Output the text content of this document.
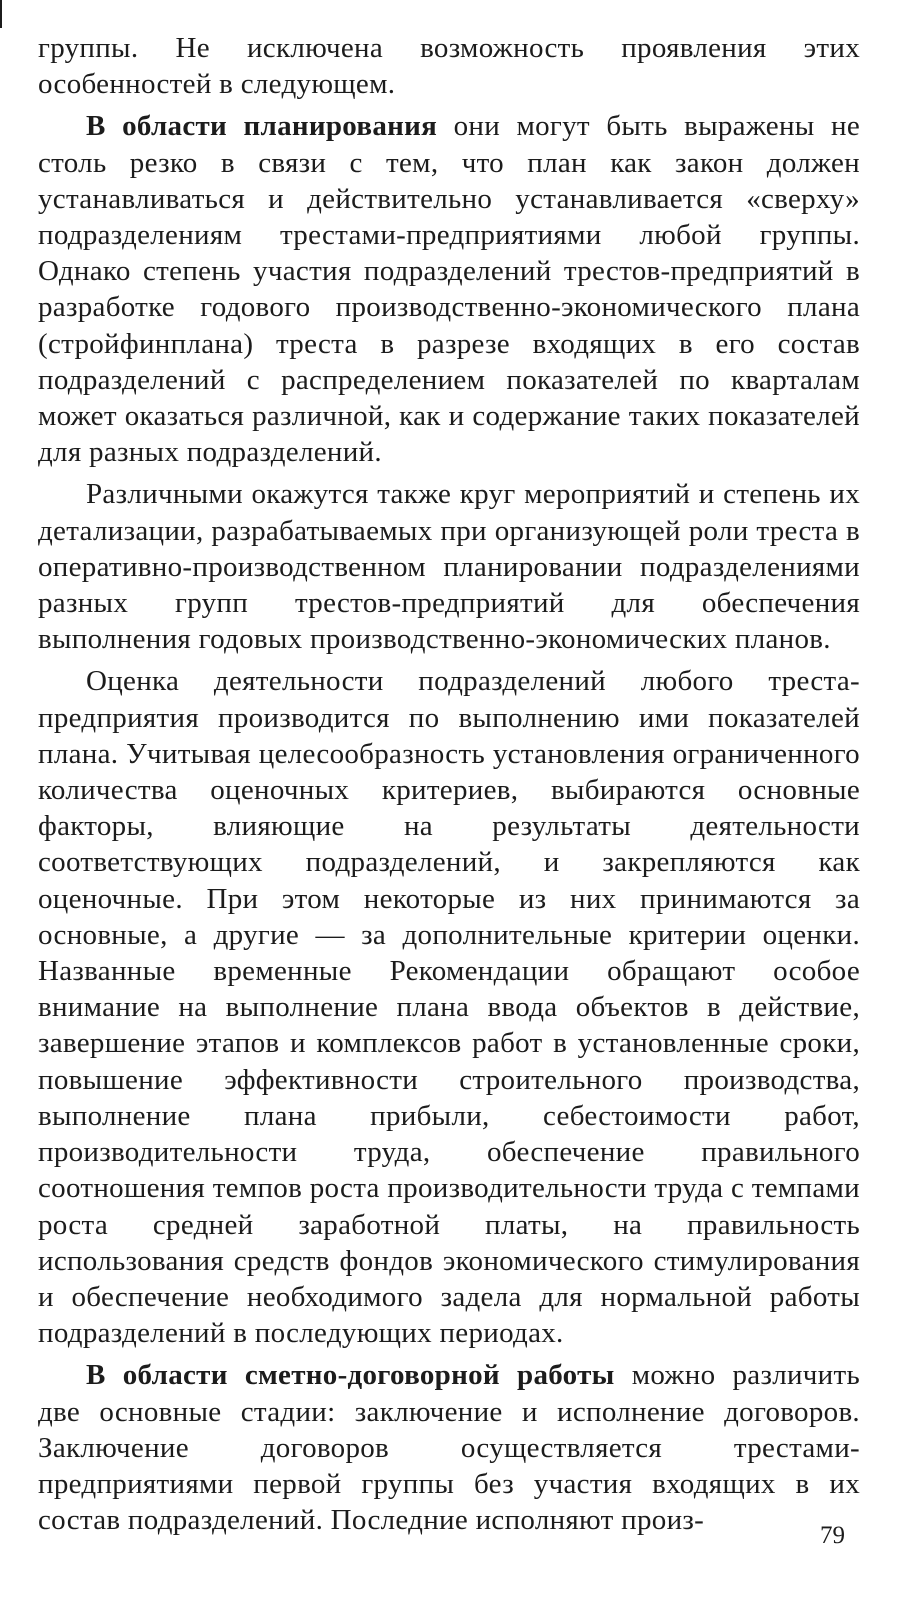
группы. Не исключена возможность проявления этих особенностей в следующем.

В области планирования они могут быть выражены не столь резко в связи с тем, что план как закон должен устанавливаться и действительно устанавливается «сверху» подразделениям трестами-предприятиями любой группы. Однако степень участия подразделений трестов-предприятий в разработке годового производственно-экономического плана (стройфинплана) треста в разрезе входящих в его состав подразделений с распределением показателей по кварталам может оказаться различной, как и содержание таких показателей для разных подразделений.

Различными окажутся также круг мероприятий и степень их детализации, разрабатываемых при организующей роли треста в оперативно-производственном планировании подразделениями разных групп трестов-предприятий для обеспечения выполнения годовых производственно-экономических планов.

Оценка деятельности подразделений любого треста-предприятия производится по выполнению ими показателей плана. Учитывая целесообразность установления ограниченного количества оценочных критериев, выбираются основные факторы, влияющие на результаты деятельности соответствующих подразделений, и закрепляются как оценочные. При этом некоторые из них принимаются за основные, а другие — за дополнительные критерии оценки. Названные временные Рекомендации обращают особое внимание на выполнение плана ввода объектов в действие, завершение этапов и комплексов работ в установленные сроки, повышение эффективности строительного производства, выполнение плана прибыли, себестоимости работ, производительности труда, обеспечение правильного соотношения темпов роста производительности труда с темпами роста средней заработной платы, на правильность использования средств фондов экономического стимулирования и обеспечение необходимого задела для нормальной работы подразделений в последующих периодах.

В области сметно-договорной работы можно различить две основные стадии: заключение и исполнение договоров. Заключение договоров осуществляется трестами-предприятиями первой группы без участия входящих в их состав подразделений. Последние исполняют произ-	79
